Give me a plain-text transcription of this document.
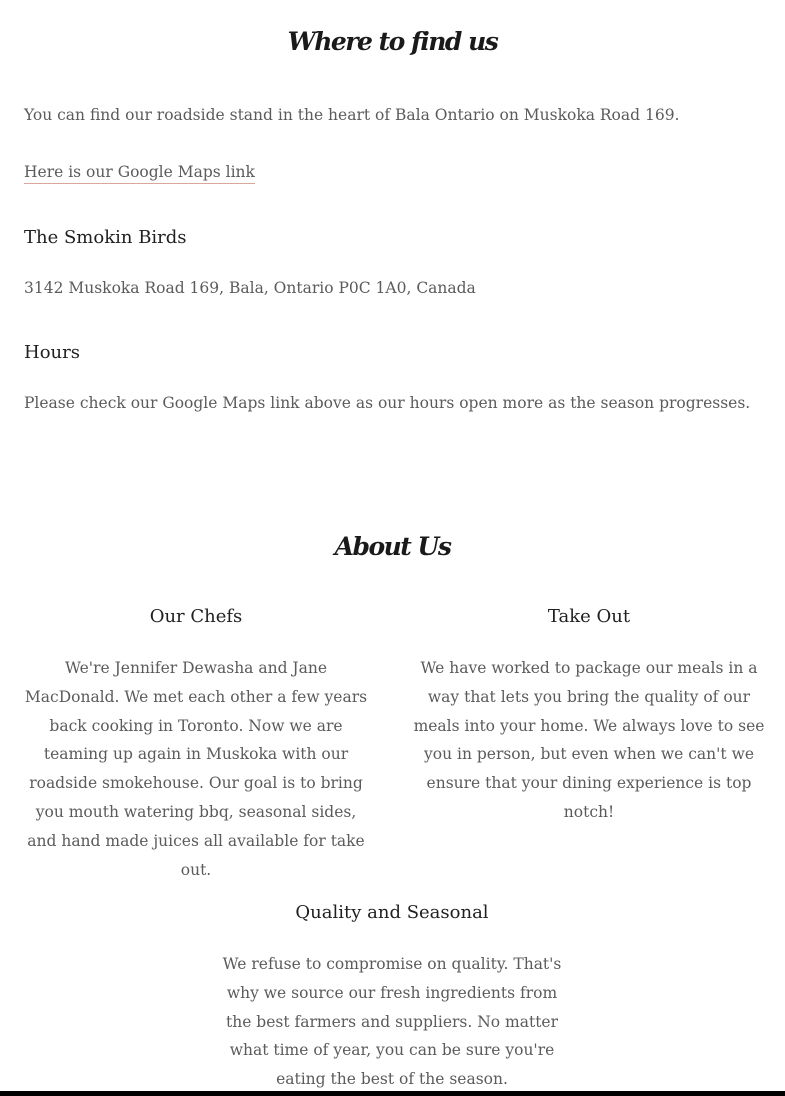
Where to find us

You can find our roadside stand in the heart of Bala Ontario on Muskoka Road 169.

Here is our Google Maps link
The Smokin Birds

3142 Muskoka Road 169, Bala, Ontario P0C 1A0, Canada

Hours

Please check our Google Maps link above as our hours open more as the season progresses.

About Us
Our Chefs

We're Jennifer Dewasha and Jane MacDonald. We met each other a few years back cooking in Toronto. Now we are teaming up again in Muskoka with our roadside smokehouse. Our goal is to bring you mouth watering bbq, seasonal sides, and hand made juices all available for take out.

Take Out

We have worked to package our meals in a way that lets you bring the quality of our meals into your home. We always love to see you in person, but even when we can't we ensure that your dining experience is top notch!

Quality and Seasonal

We refuse to compromise on quality. That's why we source our fresh ingredients from the best farmers and suppliers. No matter what time of year, you can be sure you're eating the best of the season.
